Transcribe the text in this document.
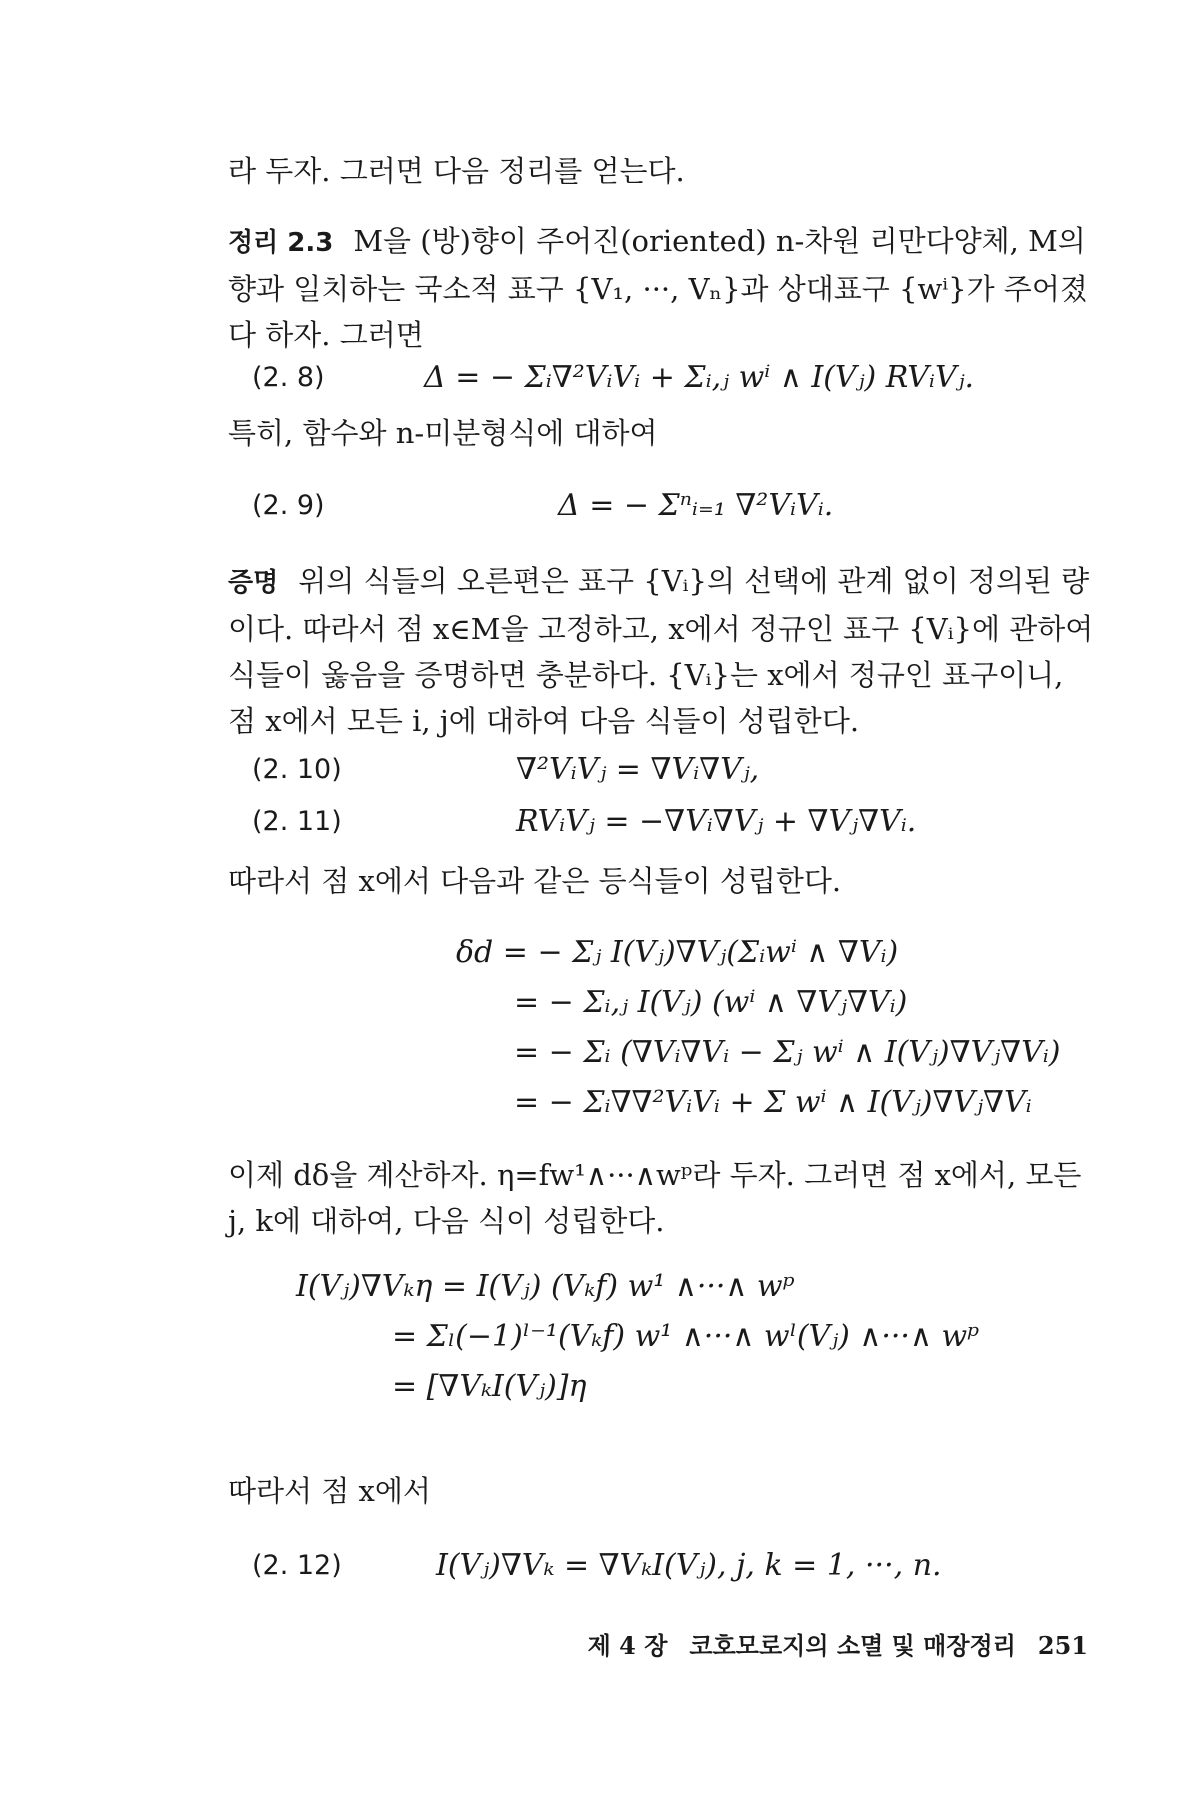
라 두자. 그러면 다음 정리를 얻는다.

정리 2.3 M을 (방)향이 주어진(oriented) n-차원 리만다양체, M의 향과 일치하는 국소적 표구 {V₁, ···, Vₙ}과 상대표구 {wⁱ}가 주어졌다 하자. 그러면

(2. 8)	Δ = − Σᵢ∇²VᵢVᵢ + Σᵢ,ⱼ wⁱ ∧ I(Vⱼ) RVᵢVⱼ.

특히, 함수와 n-미분형식에 대하여

(2. 9)	Δ = − Σⁿᵢ₌₁ ∇²VᵢVᵢ.

증명 위의 식들의 오른편은 표구 {Vᵢ}의 선택에 관계 없이 정의된 량이다. 따라서 점 x∈M을 고정하고, x에서 정규인 표구 {Vᵢ}에 관하여 식들이 옳음을 증명하면 충분하다. {Vᵢ}는 x에서 정규인 표구이니, 점 x에서 모든 i, j에 대하여 다음 식들이 성립한다.

(2. 10)	∇²VᵢVⱼ = ∇Vᵢ∇Vⱼ,
(2. 11)	RVᵢVⱼ = −∇Vᵢ∇Vⱼ + ∇Vⱼ∇Vᵢ.

따라서 점 x에서 다음과 같은 등식들이 성립한다.

δd = − Σⱼ I(Vⱼ)∇Vⱼ(Σᵢwⁱ ∧ ∇Vᵢ)
= − Σᵢ,ⱼ I(Vⱼ) (wⁱ ∧ ∇Vⱼ∇Vᵢ)
= − Σᵢ (∇Vᵢ∇Vᵢ − Σⱼ wⁱ ∧ I(Vⱼ)∇Vⱼ∇Vᵢ)
= − Σᵢ∇∇²VᵢVᵢ + Σ wⁱ ∧ I(Vⱼ)∇Vⱼ∇Vᵢ

이제 dδ을 계산하자. η=fw¹∧···∧wᵖ라 두자. 그러면 점 x에서, 모든 j, k에 대하여, 다음 식이 성립한다.

I(Vⱼ)∇Vₖη = I(Vⱼ) (Vₖf) w¹ ∧···∧ wᵖ
= Σₗ(−1)ˡ⁻¹(Vₖf) w¹ ∧···∧ wˡ(Vⱼ) ∧···∧ wᵖ
= [∇VₖI(Vⱼ)]η

따라서 점 x에서

(2. 12)	I(Vⱼ)∇Vₖ = ∇VₖI(Vⱼ), j, k = 1, ···, n.
제 4 장 코호모로지의 소멸 및 매장정리 251
